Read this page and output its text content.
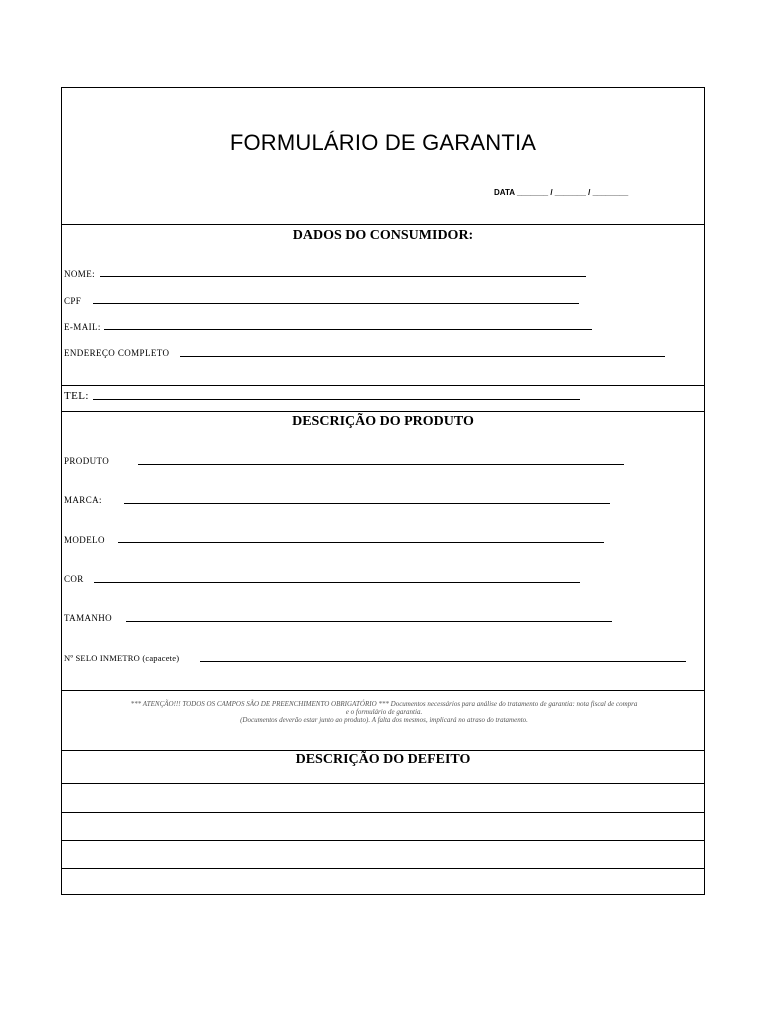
FORMULÁRIO DE GARANTIA
DATA _______ / _______ / ________
DADOS DO CONSUMIDOR:
NOME:
CPF
E-MAIL:
ENDEREÇO COMPLETO
TEL:
DESCRIÇÃO DO PRODUTO
PRODUTO
MARCA:
MODELO
COR
TAMANHO
Nº SELO INMETRO (capacete)
*** ATENÇÃO!!! TODOS OS CAMPOS SÃO DE PREENCHIMENTO OBRIGATÓRIO *** Documentos necessários para análise do tratamento de garantia: nota fiscal de compra
e o formulário de garantia.
(Documentos deverão estar junto ao produto). A falta dos mesmos, implicará no atraso do tratamento.
DESCRIÇÃO DO DEFEITO
